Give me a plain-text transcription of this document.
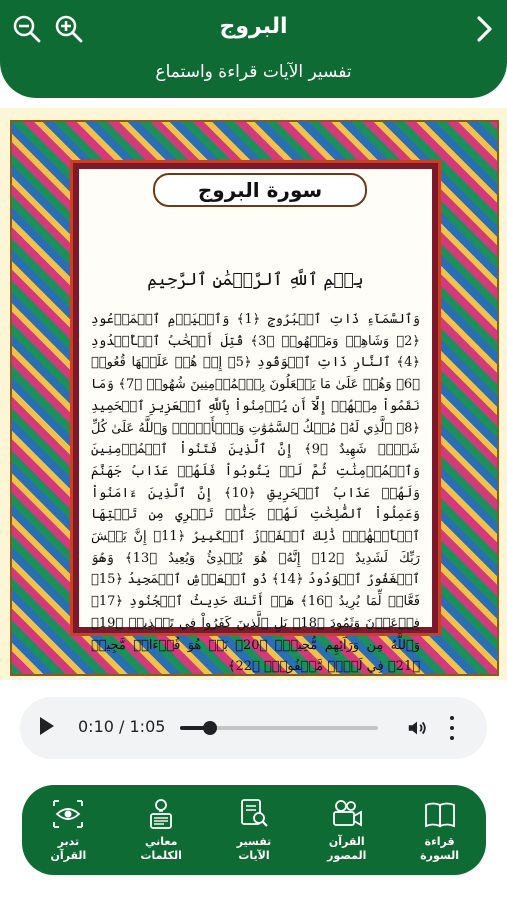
البروج
تفسير الآيات قراءة واستماع
سورة البروج
بِسۡمِ ٱللَّهِ ٱلرَّحۡمَٰنِ ٱلرَّحِيمِ
وَٱلسَّمَآءِ ذَاتِ ٱلۡبُرُوجِ ﴿1﴾ وَٱلۡيَوۡمِ ٱلۡمَوۡعُودِ ﴿2﴾ وَشَاهِدٖ وَمَشۡهُودٖ ﴿3﴾ قُتِلَ أَصۡحَٰبُ ٱلۡأُخۡدُودِ ﴿4﴾ ٱلنَّارِ ذَاتِ ٱلۡوَقُودِ ﴿5﴾ إِذۡ هُمۡ عَلَيۡهَا قُعُودٞ ﴿6﴾ وَهُمۡ عَلَىٰ مَا يَفۡعَلُونَ بِٱلۡمُؤۡمِنِينَ شُهُودٞ ﴿7﴾ وَمَا نَقَمُواْ مِنۡهُمۡ إِلَّآ أَن يُؤۡمِنُواْ بِٱللَّهِ ٱلۡعَزِيزِ ٱلۡحَمِيدِ ﴿8﴾ ٱلَّذِي لَهُۥ مُلۡكُ ٱلسَّمَٰوَٰتِ وَٱلۡأَرۡضِۚ وَٱللَّهُ عَلَىٰ كُلِّ شَيۡءٖ شَهِيدٌ ﴿9﴾ إِنَّ ٱلَّذِينَ فَتَنُواْ ٱلۡمُؤۡمِنِينَ وَٱلۡمُؤۡمِنَٰتِ ثُمَّ لَمۡ يَتُوبُواْ فَلَهُمۡ عَذَابُ جَهَنَّمَ وَلَهُمۡ عَذَابُ ٱلۡحَرِيقِ ﴿10﴾ إِنَّ ٱلَّذِينَ ءَامَنُواْ وَعَمِلُواْ ٱلصَّٰلِحَٰتِ لَهُمۡ جَنَّٰتٞ تَجۡرِي مِن تَحۡتِهَا ٱلۡأَنۡهَٰرُۚ ذَٰلِكَ ٱلۡفَوۡزُ ٱلۡكَبِيرُ ﴿11﴾ إِنَّ بَطۡشَ رَبِّكَ لَشَدِيدٌ ﴿12﴾ إِنَّهُۥ هُوَ يُبۡدِئُ وَيُعِيدُ ﴿13﴾ وَهُوَ ٱلۡغَفُورُ ٱلۡوَدُودُ ﴿14﴾ ذُو ٱلۡعَرۡشِ ٱلۡمَجِيدُ ﴿15﴾ فَعَّالٞ لِّمَا يُرِيدُ ﴿16﴾ هَلۡ أَتَىٰكَ حَدِيثُ ٱلۡجُنُودِ ﴿17﴾ فِرۡعَوۡنَ وَثَمُودَ ﴿18﴾ بَلِ ٱلَّذِينَ كَفَرُواْ فِي تَكۡذِيبٖ ﴿19﴾ وَٱللَّهُ مِن وَرَآئِهِم مُّحِيطُۢ ﴿20﴾ بَلۡ هُوَ قُرۡءَانٞ مَّجِيدٞ ﴿21﴾ فِي لَوۡحٖ مَّحۡفُوظِۭ ﴿22﴾
0:10 / 1:05
قراءة
السورة
القرآن
المصور
تفسير
الآيات
معاني
الكلمات
تدبر
القرآن
